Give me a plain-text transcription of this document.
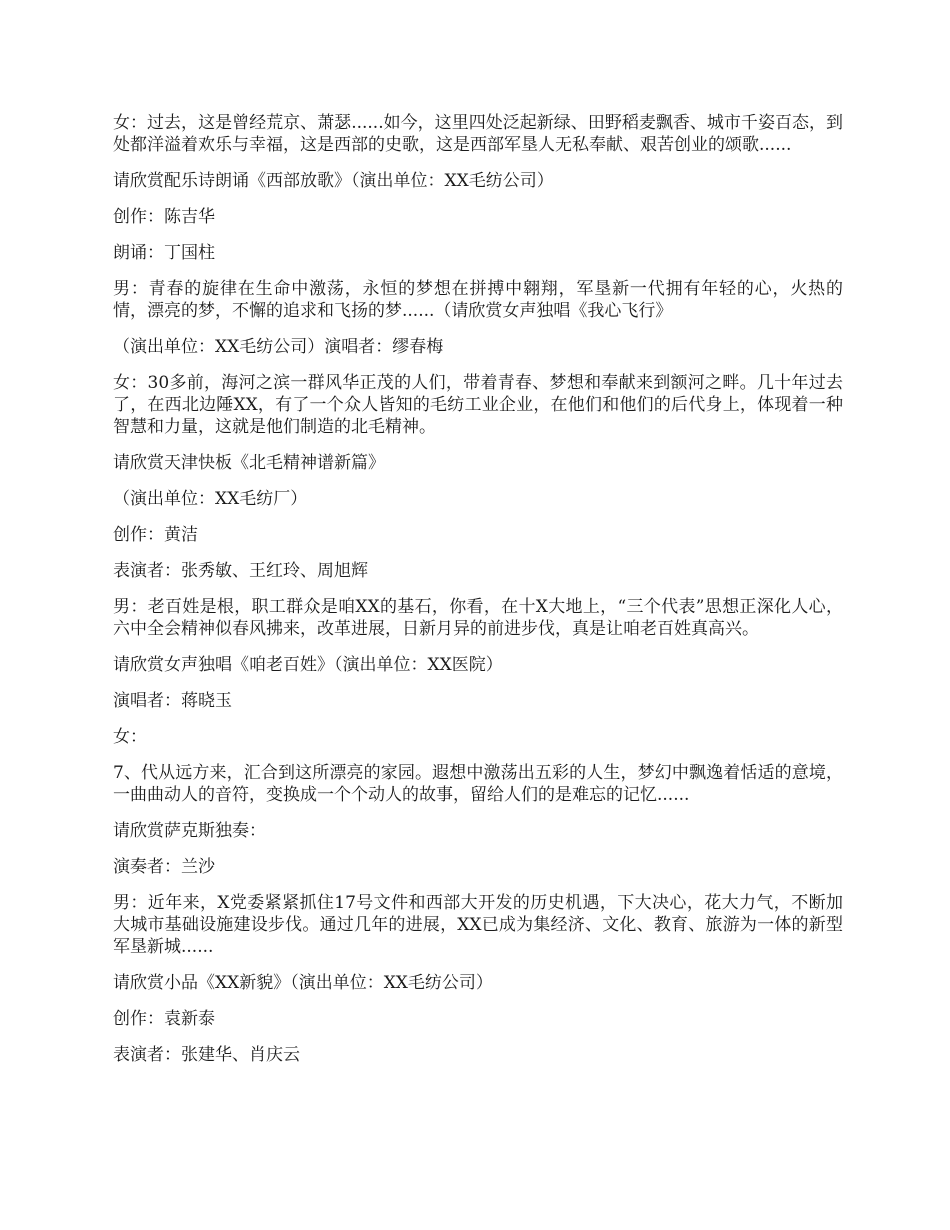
女：过去，这是曾经荒京、萧瑟......如今，这里四处泛起新绿、田野稻麦飘香、城市千姿百态，到处都洋溢着欢乐与幸福，这是西部的史歌，这是西部军垦人无私奉献、艰苦创业的颂歌......

请欣赏配乐诗朗诵《西部放歌》（演出单位：XX毛纺公司）

创作：陈吉华

朗诵：丁国柱

男：青春的旋律在生命中激荡，永恒的梦想在拼搏中翱翔，军垦新一代拥有年轻的心，火热的情，漂亮的梦，不懈的追求和飞扬的梦......（请欣赏女声独唱《我心飞行》

（演出单位：XX毛纺公司）演唱者：缪春梅

女：30多前，海河之滨一群风华正茂的人们，带着青春、梦想和奉献来到额河之畔。几十年过去了，在西北边陲XX，有了一个众人皆知的毛纺工业企业，在他们和他们的后代身上，体现着一种智慧和力量，这就是他们制造的北毛精神。

请欣赏天津快板《北毛精神谱新篇》

（演出单位：XX毛纺厂）

创作：黄洁

表演者：张秀敏、王红玲、周旭辉

男：老百姓是根，职工群众是咱XX的基石，你看，在十X大地上，“三个代表”思想正深化人心，六中全会精神似春风拂来，改革进展，日新月异的前进步伐，真是让咱老百姓真高兴。

请欣赏女声独唱《咱老百姓》（演出单位：XX医院）

演唱者：蒋晓玉

女：

7、代从远方来，汇合到这所漂亮的家园。遐想中激荡出五彩的人生，梦幻中飘逸着恬适的意境，一曲曲动人的音符，变换成一个个动人的故事，留给人们的是难忘的记忆......

请欣赏萨克斯独奏：

演奏者：兰沙

男：近年来，X党委紧紧抓住17号文件和西部大开发的历史机遇，下大决心，花大力气，不断加大城市基础设施建设步伐。通过几年的进展，XX已成为集经济、文化、教育、旅游为一体的新型军垦新城......

请欣赏小品《XX新貌》（演出单位：XX毛纺公司）

创作：袁新泰

表演者：张建华、肖庆云
